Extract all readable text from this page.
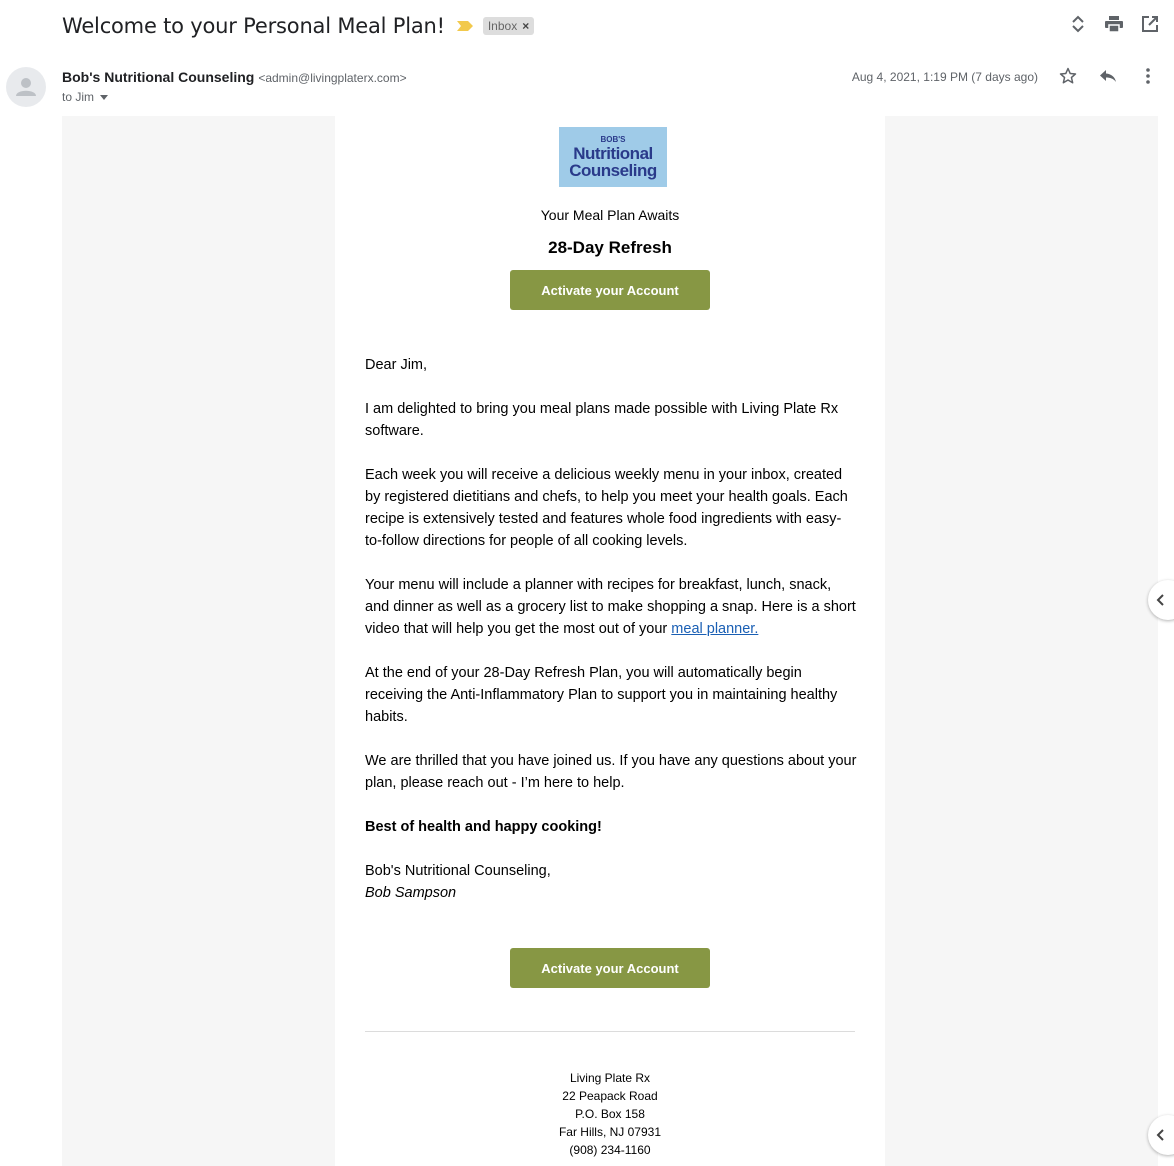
Welcome to your Personal Meal Plan!	Inbox ×
Bob's Nutritional Counseling <admin@livingplaterx.com>
to Jim
Aug 4, 2021, 1:19 PM (7 days ago)
BOB'S
Nutritional
Counseling
Your Meal Plan Awaits
28-Day Refresh
Activate your Account

Dear Jim,

I am delighted to bring you meal plans made possible with Living Plate Rx software.

Each week you will receive a delicious weekly menu in your inbox, created by registered dietitians and chefs, to help you meet your health goals. Each recipe is extensively tested and features whole food ingredients with easy-to-follow directions for people of all cooking levels.

Your menu will include a planner with recipes for breakfast, lunch, snack, and dinner as well as a grocery list to make shopping a snap. Here is a short video that will help you get the most out of your meal planner.

At the end of your 28-Day Refresh Plan, you will automatically begin receiving the Anti-Inflammatory Plan to support you in maintaining healthy habits.

We are thrilled that you have joined us. If you have any questions about your plan, please reach out - I’m here to help.

Best of health and happy cooking!

Bob's Nutritional Counseling,
Bob Sampson

Activate your Account
Living Plate Rx
22 Peapack Road
P.O. Box 158
Far Hills, NJ 07931
(908) 234-1160
